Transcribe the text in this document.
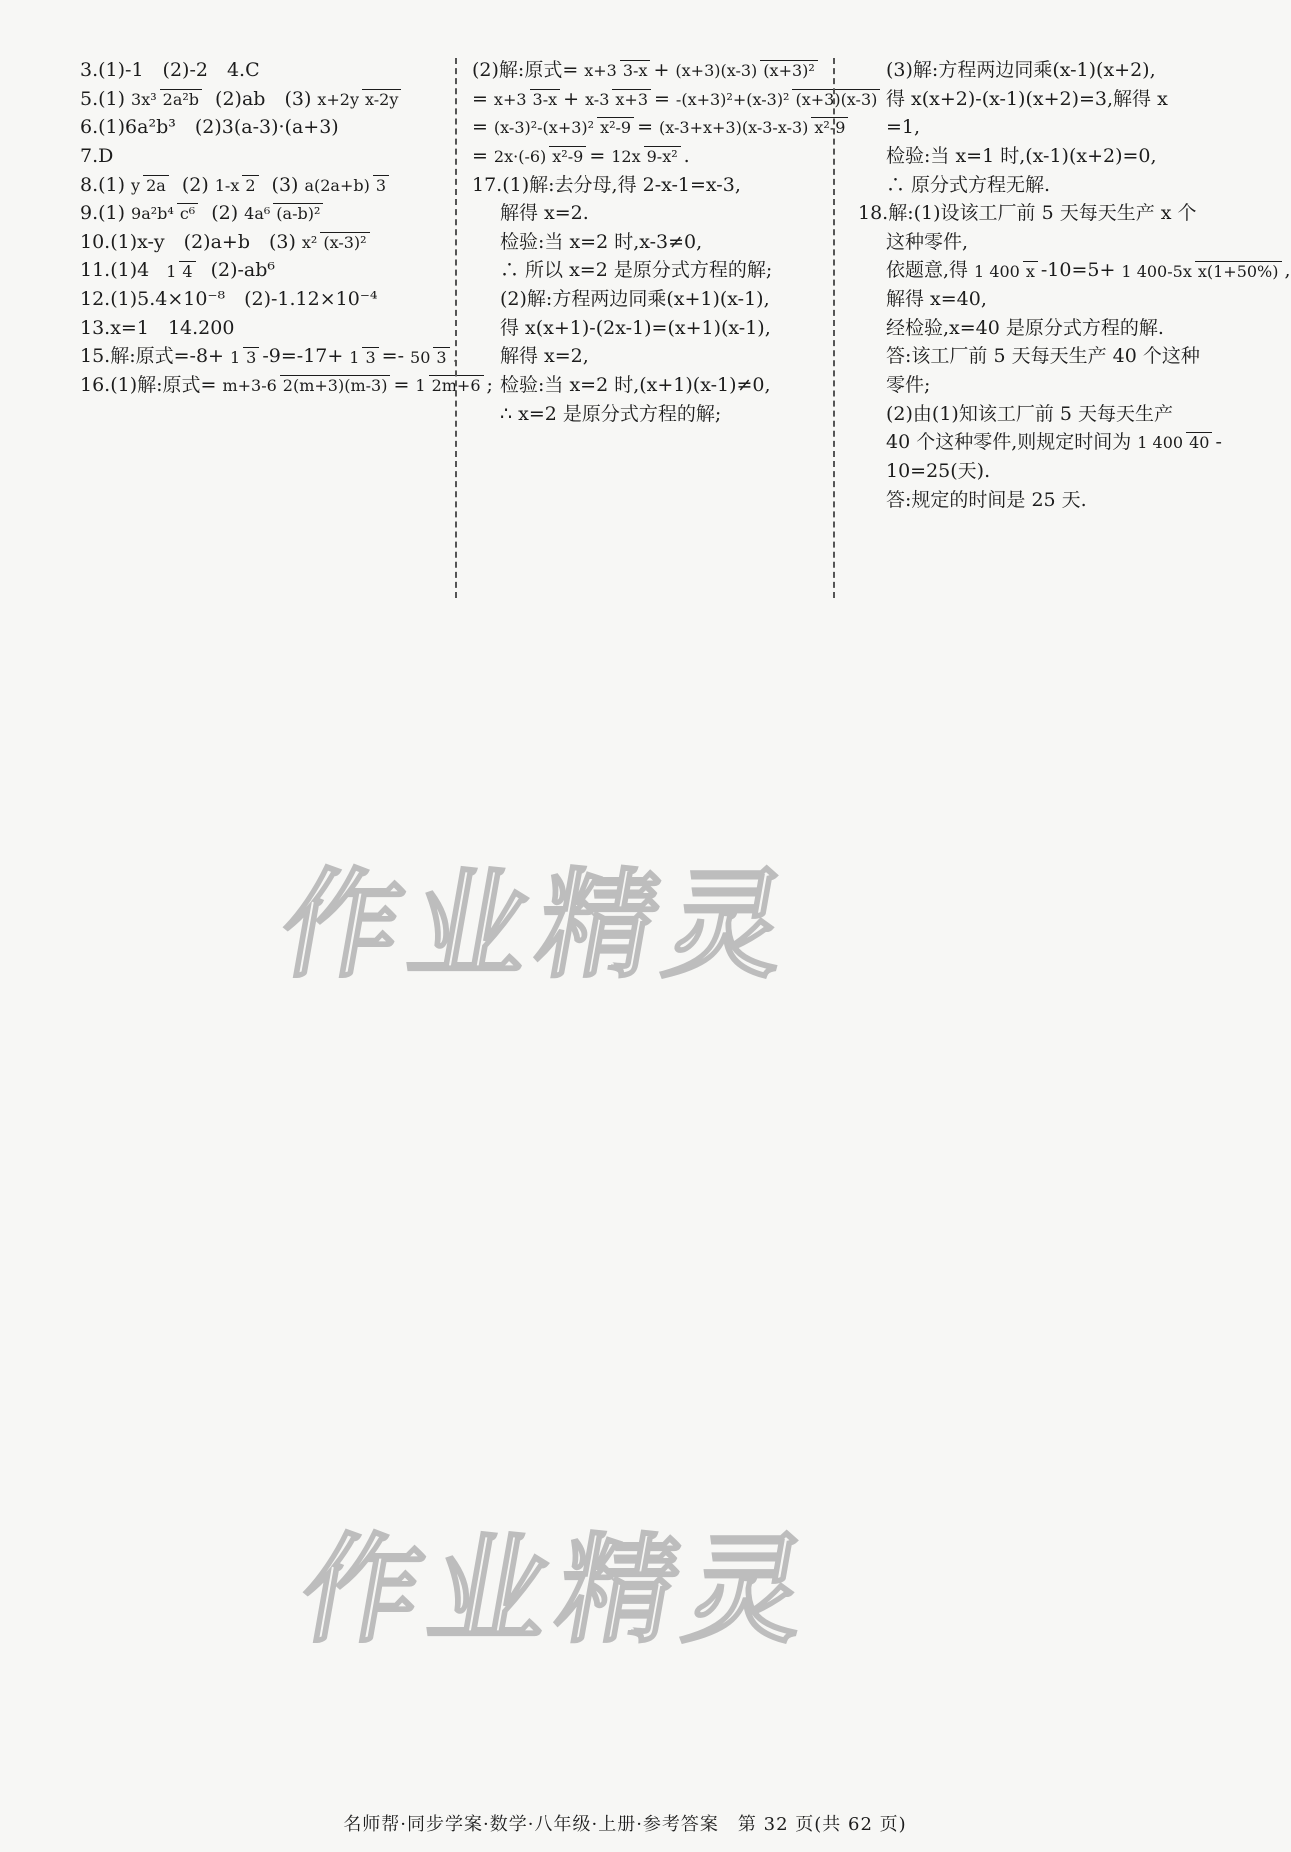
3.(1)-1　(2)-2　4.C
5.(1) 3x³ 2a²b (2)ab　(3) x+2y x-2y
6.(1)6a²b³　(2)3(a-3)·(a+3)
7.D
8.(1) y 2a (2) 1-x 2 (3) a(2a+b) 3
9.(1) 9a²b⁴ c⁶ (2) 4a⁶ (a-b)²
10.(1)x-y　(2)a+b　(3) x² (x-3)²
11.(1)4 1 4 (2)-ab⁶
12.(1)5.4×10⁻⁸　(2)-1.12×10⁻⁴
13.x=1　14.200
15.解:原式=-8+ 1 3 -9=-17+ 1 3 =- 50 3 .
16.(1)解:原式= m+3-6 2(m+3)(m-3) = 1 2m+6 ;
(2)解:原式= x+3 3-x + (x+3)(x-3) (x+3)²
= x+3 3-x + x-3 x+3 = -(x+3)²+(x-3)² (x+3)(x-3)
= (x-3)²-(x+3)² x²-9 = (x-3+x+3)(x-3-x-3) x²-9
= 2x·(-6) x²-9 = 12x 9-x² .
17.(1)解:去分母,得 2-x-1=x-3,
解得 x=2.
检验:当 x=2 时,x-3≠0,
∴ 所以 x=2 是原分式方程的解;
(2)解:方程两边同乘(x+1)(x-1),
得 x(x+1)-(2x-1)=(x+1)(x-1),
解得 x=2,
检验:当 x=2 时,(x+1)(x-1)≠0,
∴ x=2 是原分式方程的解;
(3)解:方程两边同乘(x-1)(x+2),
得 x(x+2)-(x-1)(x+2)=3,解得 x
=1,
检验:当 x=1 时,(x-1)(x+2)=0,
∴ 原分式方程无解.
18.解:(1)设该工厂前 5 天每天生产 x 个
这种零件,
依题意,得 1 400 x -10=5+ 1 400-5x x(1+50%) ,
解得 x=40,
经检验,x=40 是原分式方程的解.
答:该工厂前 5 天每天生产 40 个这种
零件;
(2)由(1)知该工厂前 5 天每天生产
40 个这种零件,则规定时间为 1 400 40 -
10=25(天).
答:规定的时间是 25 天.
作业精灵
作业精灵
名师帮·同步学案·数学·八年级·上册·参考答案　第 32 页(共 62 页)
